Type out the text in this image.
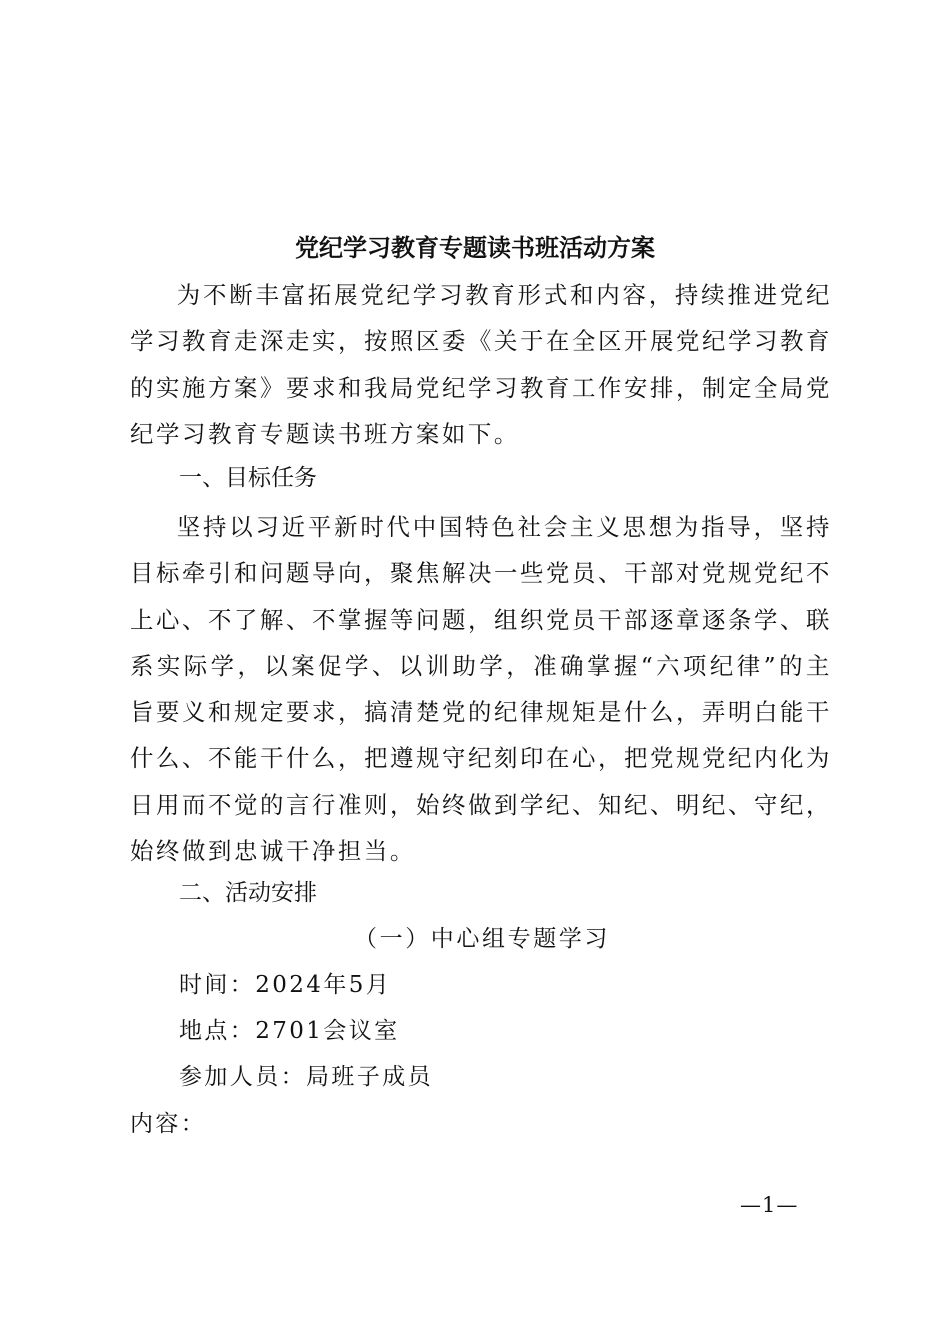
党纪学习教育专题读书班活动方案

为不断丰富拓展党纪学习教育形式和内容，持续推进党纪学习教育走深走实，按照区委《关于在全区开展党纪学习教育的实施方案》要求和我局党纪学习教育工作安排，制定全局党纪学习教育专题读书班方案如下。

一、目标任务

坚持以习近平新时代中国特色社会主义思想为指导，坚持目标牵引和问题导向，聚焦解决一些党员、干部对党规党纪不上心、不了解、不掌握等问题，组织党员干部逐章逐条学、联系实际学，以案促学、以训助学，准确掌握“六项纪律”的主旨要义和规定要求，搞清楚党的纪律规矩是什么，弄明白能干什么、不能干什么，把遵规守纪刻印在心，把党规党纪内化为日用而不觉的言行准则，始终做到学纪、知纪、明纪、守纪，始终做到忠诚干净担当。

二、活动安排

（一）中心组专题学习

时间：2024年5月

地点：2701会议室

参加人员：局班子成员

内容：

—1—
